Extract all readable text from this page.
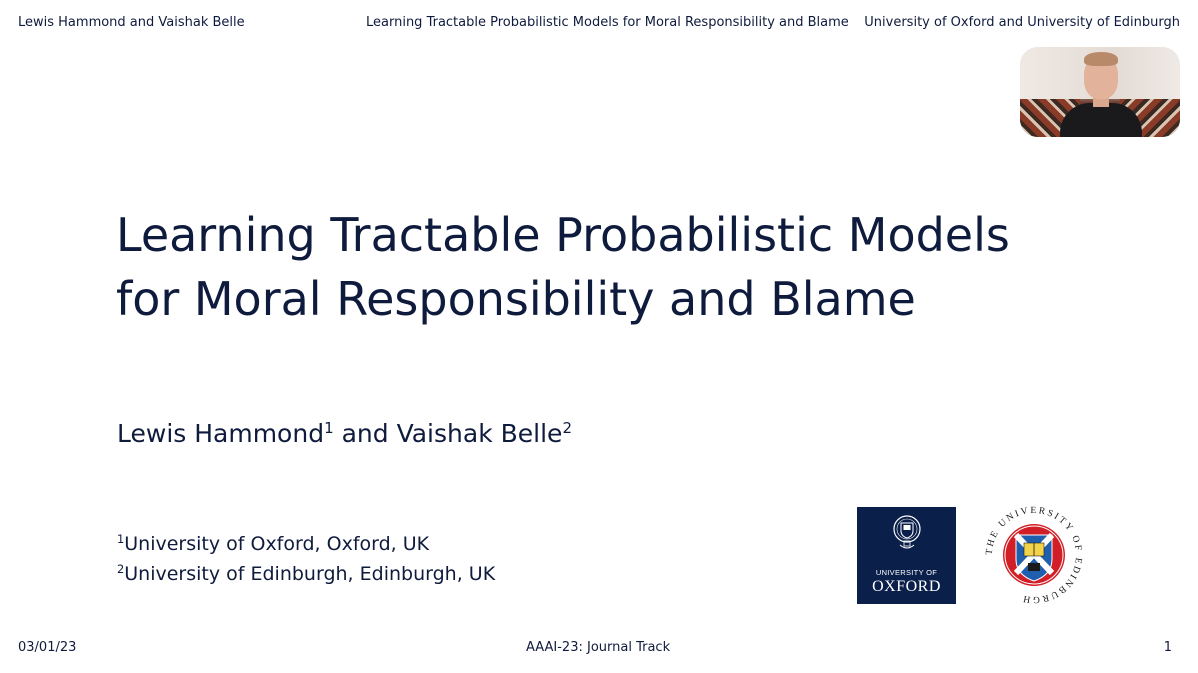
Lewis Hammond and Vaishak Belle	Learning Tractable Probabilistic Models for Moral Responsibility and Blame University of Oxford and University of Edinburgh
Learning Tractable Probabilistic Models
for Moral Responsibility and Blame
Lewis Hammond$^1$ and Vaishak Belle$^2$
$^1$University of Oxford, Oxford, UK
$^2$University of Edinburgh, Edinburgh, UK	UNIVERSITY OF
OXFORD
THE UNIVERSITY OF EDINBURGH
03/01/23	AAAI-23: Journal Track	1
